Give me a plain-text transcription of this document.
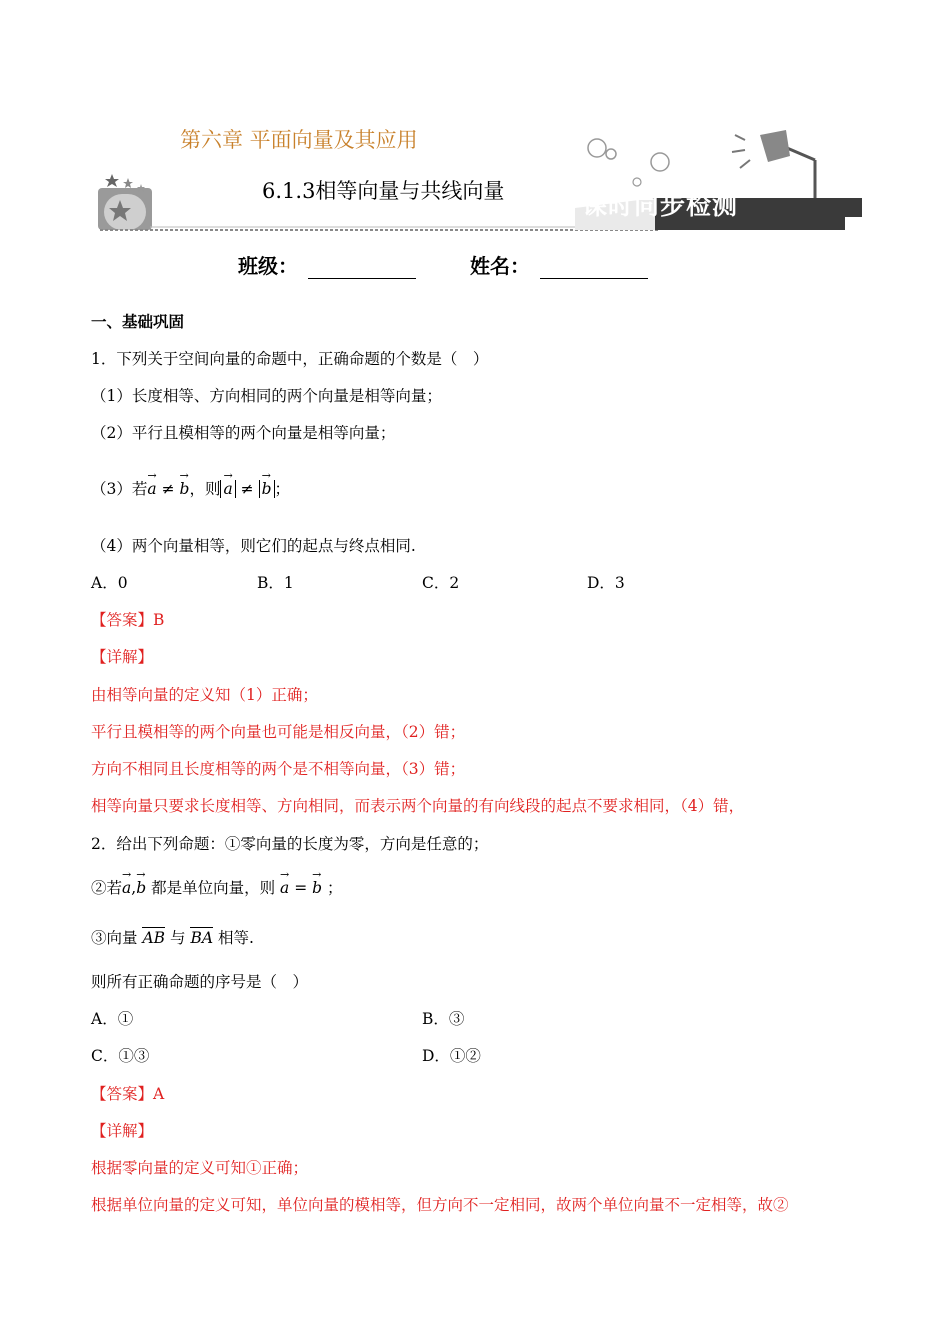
第六章 平面向量及其应用
6.1.3相等向量与共线向量	课时同步检测
班级：	姓名：
一、基础巩固
1．下列关于空间向量的命题中，正确命题的个数是（　）
（1）长度相等、方向相同的两个向量是相等向量；
（2）平行且模相等的两个向量是相等向量；
（3）若→ a ≠ → b，则 → a ≠ → b ；
（4）两个向量相等，则它们的起点与终点相同.
A．0	B．1	C．2	D．3
【答案】B
【详解】
由相等向量的定义知（1）正确；
平行且模相等的两个向量也可能是相反向量，（2）错；
方向不相同且长度相等的两个是不相等向量，（3）错；
相等向量只要求长度相等、方向相同，而表示两个向量的有向线段的起点不要求相同，（4）错，
2．给出下列命题：①零向量的长度为零，方向是任意的；
②若→ a,→ b 都是单位向量，则 → a = → b ；
③向量 AB 与 BA 相等.
则所有正确命题的序号是（　）
A．①	B．③
C．①③	D．①②
【答案】A
【详解】
根据零向量的定义可知①正确；
根据单位向量的定义可知，单位向量的模相等，但方向不一定相同，故两个单位向量不一定相等，故②
